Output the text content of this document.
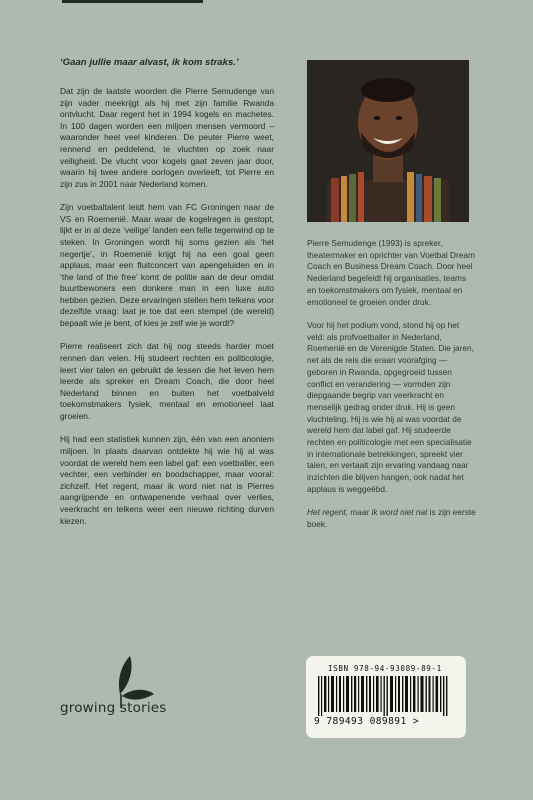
‘Gaan jullie maar alvast, ik kom straks.’

Dat zijn de laatste woorden die Pierre Semudenge van zijn vader meekrijgt als hij met zijn familie Rwanda ontvlucht. Daar regent het in 1994 kogels en machetes. In 100 dagen worden een miljoen mensen vermoord – waaronder heel veel kinderen. De peuter Pierre weet, rennend en peddelend, te vluchten op zoek naar veiligheid. De vlucht voor kogels gaat zeven jaar door, waarin hij twee andere oorlogen overleeft, tot Pierre en zijn zus in 2001 naar Nederland komen.

Zijn voetbaltalent leidt hem van FC Groningen naar de VS en Roemenië. Maar waar de kogelregen is gestopt, lijkt er in al deze ‘veilige’ landen een felle tegenwind op te steken. In Groningen wordt hij soms gezien als ‘het negertje’, in Roemenië krijgt hij na een goal geen applaus, maar een fluitconcert van apengeluiden en in ‘the land of the free’ komt de politie aan de deur omdat buurtbewoners een donkere man in een luxe auto hebben gezien. Deze ervaringen stellen hem telkens voor dezelfde vraag: laat je toe dat een stempel (de wereld) bepaalt wie je bent, of kies je zelf wie je wordt?

Pierre realiseert zich dat hij nog steeds harder moet rennen dan velen. Hij studeert rechten en politicologie, leert vier talen en gebruikt de lessen die het leven hem leerde als spreker en Dream Coach, die door heel Nederland binnen en buiten het voetbalveld toekomstmakers fysiek, mentaal en emotioneel laat groeien.

Hij had een statistiek kunnen zijn, één van een anoniem miljoen. In plaats daarvan ontdekte hij wie hij al was voordat de wereld hem een label gaf: een voetballer, een vechter, een verbinder en boodschapper, maar vooral: zichzelf. Het regent, maar ik word niet nat is Pierres aangrijpende en ontwapenende verhaal over verlies, veerkracht en telkens weer een nieuwe richting durven kiezen.

Pierre Semudenge (1993) is spreker, theatermaker en oprichter van Voetbal Dream Coach en Business Dream Coach. Door heel Nederland begeleidt hij organisaties, teams en toekomstmakers om fysiek, mentaal en emotioneel te groeien onder druk.

Voor hij het podium vond, stond hij op het veld: als profvoetballer in Nederland, Roemenië en de Verenigde Staten. Die jaren, net als de reis die eraan voorafging — geboren in Rwanda, opgegroeid tussen conflict en verandering — vormden zijn diepgaande begrip van veerkracht en menselijk gedrag onder druk. Hij is geen vluchteling. Hij is wie hij al was voordat de wereld hem dat label gaf. Hij studeerde rechten en politicologie met een specialisatie in internationale betrekkingen, spreekt vier talen, en vertaalt zijn ervaring vandaag naar inzichten die blijven hangen, ook nadat het applaus is weggeëbd.

Het regent, maar ik word niet nat is zijn eerste boek.

growing stories
ISBN 978-94-93089-89-1
9 789493 089891 >
